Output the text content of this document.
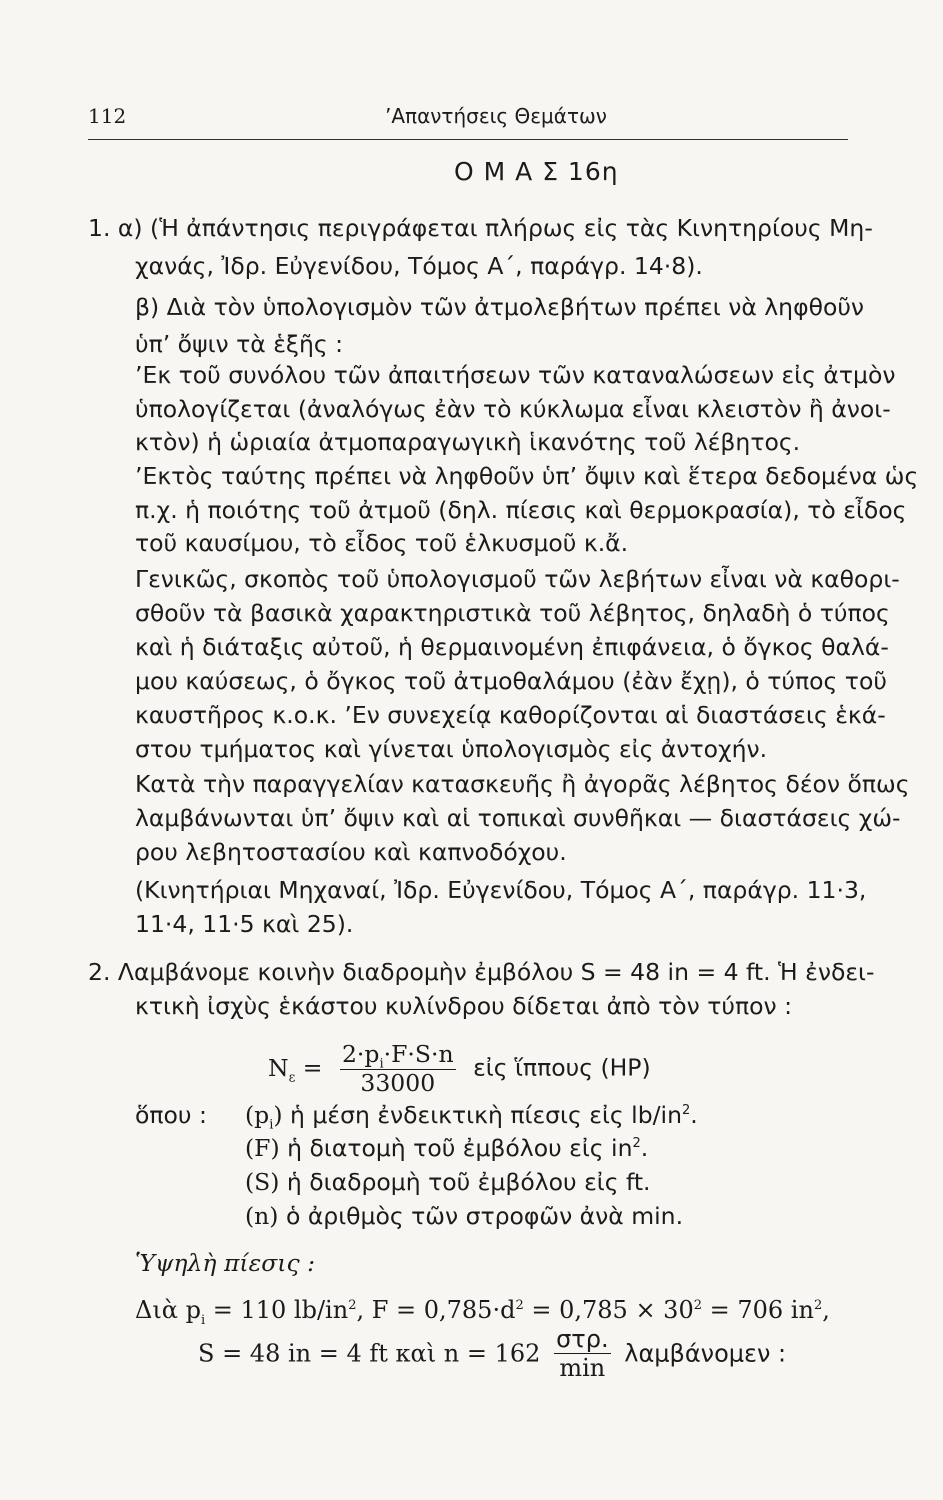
112	’Απαντήσεις Θεμάτων
Ο Μ Α Σ 16η
1. α) (Ἡ ἀπάντησις περιγράφεται πλήρως εἰς τὰς Κινητηρίους Μη-
χανάς, Ἰδρ. Εὐγενίδου, Τόμος Α΄, παράγρ. 14·8).
β) Διὰ τὸν ὑπολογισμὸν τῶν ἀτμολεβήτων πρέπει νὰ ληφθοῦν
ὑπ’ ὄψιν τὰ ἑξῆς :
’Εκ τοῦ συνόλου τῶν ἀπαιτήσεων τῶν καταναλώσεων εἰς ἀτμὸν
ὑπολογίζεται (ἀναλόγως ἐὰν τὸ κύκλωμα εἶναι κλειστὸν ἢ ἀνοι-
κτὸν) ἡ ὡριαία ἀτμοπαραγωγικὴ ἱκανότης τοῦ λέβητος.
’Εκτὸς ταύτης πρέπει νὰ ληφθοῦν ὑπ’ ὄψιν καὶ ἕτερα δεδομένα ὡς
π.χ. ἡ ποιότης τοῦ ἀτμοῦ (δηλ. πίεσις καὶ θερμοκρασία), τὸ εἶδος
τοῦ καυσίμου, τὸ εἶδος τοῦ ἑλκυσμοῦ κ.ἄ.
Γενικῶς, σκοπὸς τοῦ ὑπολογισμοῦ τῶν λεβήτων εἶναι νὰ καθορι-
σθοῦν τὰ βασικὰ χαρακτηριστικὰ τοῦ λέβητος, δηλαδὴ ὁ τύπος
καὶ ἡ διάταξις αὐτοῦ, ἡ θερμαινομένη ἐπιφάνεια, ὁ ὄγκος θαλά-
μου καύσεως, ὁ ὄγκος τοῦ ἀτμοθαλάμου (ἐὰν ἔχῃ), ὁ τύπος τοῦ
καυστῆρος κ.ο.κ. ’Εν συνεχείᾳ καθορίζονται αἱ διαστάσεις ἑκά-
στου τμήματος καὶ γίνεται ὑπολογισμὸς εἰς ἀντοχήν.
Κατὰ τὴν παραγγελίαν κατασκευῆς ἢ ἀγορᾶς λέβητος δέον ὅπως
λαμβάνωνται ὑπ’ ὄψιν καὶ αἱ τοπικαὶ συνθῆκαι — διαστάσεις χώ-
ρου λεβητοστασίου καὶ καπνοδόχου.
(Κινητήριαι Μηχαναί, Ἰδρ. Εὐγενίδου, Τόμος Α΄, παράγρ. 11·3,
11·4, 11·5 καὶ 25).
2. Λαμβάνομε κοινὴν διαδρομὴν ἐμβόλου S = 48 in = 4 ft. Ἡ ἐνδει-
κτικὴ ἰσχὺς ἑκάστου κυλίνδρου δίδεται ἀπὸ τὸν τύπον :
$N_\varepsilon = \frac{2\cdot p_i\cdot F\cdot S\cdot n}{33000}$ εἰς ἵππους (HP)
ὅπου : $(p_i)$ ἡ μέση ἐνδεικτικὴ πίεσις εἰς $lb/in^2$.
(F) ἡ διατομὴ τοῦ ἐμβόλου εἰς $in^2$.
(S) ἡ διαδρομὴ τοῦ ἐμβόλου εἰς ft.
(n) ὁ ἀριθμὸς τῶν στροφῶν ἀνὰ min.
Ὑψηλὴ πίεσις :
Διὰ $p_i = 110$ $lb/in^2$, $F = 0,785\cdot d^2 = 0,785 \times 30^2 = 706$ $in^2$,
S = 48 in = 4 ft καὶ $n = 162 \frac{\text{στρ.}}{\min}$ λαμβάνομεν :
